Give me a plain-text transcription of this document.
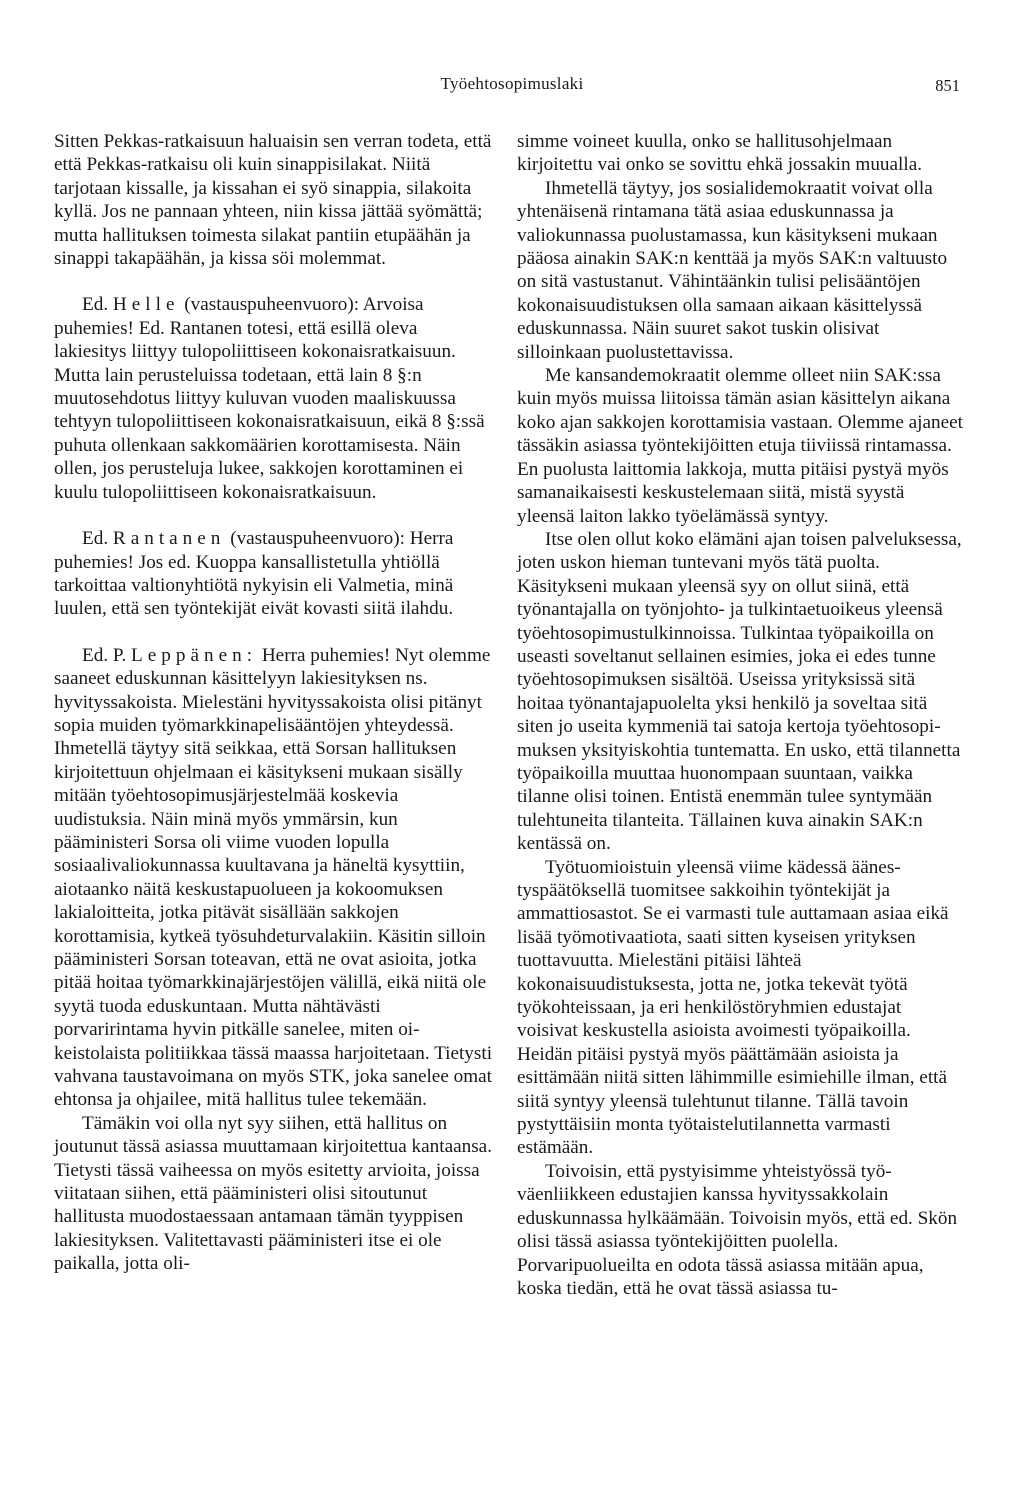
Työehtosopimuslaki	851

Sitten Pekkas-ratkaisuun haluaisin sen verran todeta, että että Pekkas-ratkaisu oli kuin sinappisilakat. Niitä tarjotaan kissalle, ja kissahan ei syö sinappia, silakoita kyllä. Jos ne pannaan yhteen, niin kissa jättää syömättä; mutta hallituksen toimesta silakat pantiin etupäähän ja sinappi takapäähän, ja kissa söi molemmat.

Ed. Helle (vastauspuheenvuoro): Arvoisa puhemies! Ed. Rantanen totesi, että esillä oleva lakiesitys liittyy tulopoliittiseen kokonaisratkaisuun. Mutta lain perusteluissa todetaan, että lain 8 §:n muutosehdotus liittyy kuluvan vuoden maaliskuussa tehtyyn tulopoliittiseen kokonaisratkaisuun, eikä 8 §:ssä puhuta ollenkaan sakkomäärien korottamisesta. Näin ollen, jos perusteluja lukee, sakkojen korottaminen ei kuulu tulopoliittiseen kokonaisratkaisuun.

Ed. Rantanen (vastauspuheenvuoro): Herra puhemies! Jos ed. Kuoppa kansallistetulla yhtiöllä tarkoittaa valtionyhtiötä nykyisin eli Valmetia, minä luulen, että sen työntekijät eivät kovasti siitä ilahdu.

Ed. P. Leppänen: Herra puhemies! Nyt olemme saaneet eduskunnan käsittelyyn lakiesityksen ns. hyvityssakoista. Mielestäni hyvityssakoista olisi pitänyt sopia muiden työmarkkinapelisääntöjen yhteydessä. Ihmetellä täytyy sitä seikkaa, että Sorsan hallituksen kirjoitettuun ohjelmaan ei käsitykseni mukaan sisälly mitään työehtosopimusjärjestelmää koskevia uudistuksia. Näin minä myös ymmärsin, kun pääministeri Sorsa oli viime vuoden lopulla sosiaalivaliokunnassa kuultavana ja häneltä kysyttiin, aiotaanko näitä keskustapuolueen ja kokoomuksen lakialoitteita, jotka pitävät sisällään sakkojen korottamisia, kytkeä työsuhdeturvalakiin. Käsitin silloin pääministeri Sorsan toteavan, että ne ovat asioita, jotka pitää hoitaa työmarkkinajärjestöjen välillä, eikä niitä ole syytä tuoda eduskuntaan. Mutta nähtävästi porvaririntama hyvin pitkälle sanelee, miten oikeistolaista politiikkaa tässä maassa harjoitetaan. Tietysti vahvana taustavoimana on myös STK, joka sanelee omat ehtonsa ja ohjailee, mitä hallitus tulee tekemään.

Tämäkin voi olla nyt syy siihen, että hallitus on joutunut tässä asiassa muuttamaan kirjoitettua kantaansa. Tietysti tässä vaiheessa on myös esitetty arvioita, joissa viitataan siihen, että pääministeri olisi sitoutunut hallitusta muodostaessaan antamaan tämän tyyppisen lakiesityksen. Valitettavasti pääministeri itse ei ole paikalla, jotta oli-

simme voineet kuulla, onko se hallitusohjelmaan kirjoitettu vai onko se sovittu ehkä jossakin muualla.

Ihmetellä täytyy, jos sosialidemokraatit voivat olla yhtenäisenä rintamana tätä asiaa eduskunnassa ja valiokunnassa puolustamassa, kun käsitykseni mukaan pääosa ainakin SAK:n kenttää ja myös SAK:n valtuusto on sitä vastustanut. Vähintäänkin tulisi pelisääntöjen kokonaisuudistuksen olla samaan aikaan käsittelyssä eduskunnassa. Näin suuret sakot tuskin olisivat silloinkaan puolustettavissa.

Me kansandemokraatit olemme olleet niin SAK:ssa kuin myös muissa liitoissa tämän asian käsittelyn aikana koko ajan sakkojen korottamisia vastaan. Olemme ajaneet tässäkin asiassa työntekijöitten etuja tiiviissä rintamassa. En puolusta laittomia lakkoja, mutta pitäisi pystyä myös samanaikaisesti keskustelemaan siitä, mistä syystä yleensä laiton lakko työelämässä syntyy.

Itse olen ollut koko elämäni ajan toisen palveluksessa, joten uskon hieman tuntevani myös tätä puolta. Käsitykseni mukaan yleensä syy on ollut siinä, että työnantajalla on työnjohto- ja tulkintaetuoikeus yleensä työehtosopimustulkinnoissa. Tulkintaa työpaikoilla on useasti soveltanut sellainen esimies, joka ei edes tunne työehtosopimuksen sisältöä. Useissa yrityksissä sitä hoitaa työnantajapuolelta yksi henkilö ja soveltaa sitä siten jo useita kymmeniä tai satoja kertoja työehtosopimuksen yksityiskohtia tuntematta. En usko, että tilannetta työpaikoilla muuttaa huonompaan suuntaan, vaikka tilanne olisi toinen. Entistä enemmän tulee syntymään tulehtuneita tilanteita. Tällainen kuva ainakin SAK:n kentässä on.

Työtuomioistuin yleensä viime kädessä äänestyspäätöksellä tuomitsee sakkoihin työntekijät ja ammattiosastot. Se ei varmasti tule auttamaan asiaa eikä lisää työmotivaatiota, saati sitten kyseisen yrityksen tuottavuutta. Mielestäni pitäisi lähteä kokonaisuudistuksesta, jotta ne, jotka tekevät työtä työkohteissaan, ja eri henkilöstöryhmien edustajat voisivat keskustella asioista avoimesti työpaikoilla. Heidän pitäisi pystyä myös päättämään asioista ja esittämään niitä sitten lähimmille esimiehille ilman, että siitä syntyy yleensä tulehtunut tilanne. Tällä tavoin pystyttäisiin monta työtaistelutilannetta varmasti estämään.

Toivoisin, että pystyisimme yhteistyössä työväenliikkeen edustajien kanssa hyvityssakkolain eduskunnassa hylkäämään. Toivoisin myös, että ed. Skön olisi tässä asiassa työntekijöitten puolella. Porvaripuolueilta en odota tässä asiassa mitään apua, koska tiedän, että he ovat tässä asiassa tu-
